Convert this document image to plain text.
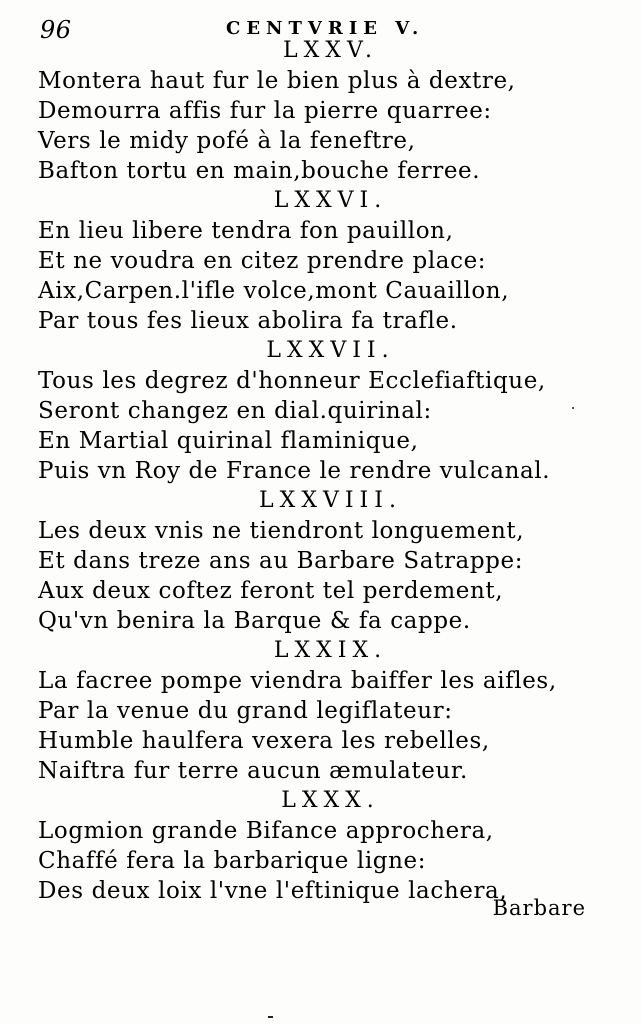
96	CENTVRIE V.
LXXV.
Montera haut fur le bien plus à dextre,
Demourra affis fur la pierre quarree:
Vers le midy pofé à la feneftre,
Bafton tortu en main,bouche ferree.
LXXVI.
En lieu libere tendra fon pauillon,
Et ne voudra en citez prendre place:
Aix,Carpen.l'ifle volce,mont Cauaillon,
Par tous fes lieux abolira fa trafle.
LXXVII.
Tous les degrez d'honneur Ecclefiaftique,
Seront changez en dial.quirinal:
En Martial quirinal flaminique,
Puis vn Roy de France le rendre vulcanal.
LXXVIII.
Les deux vnis ne tiendront longuement,
Et dans treze ans au Barbare Satrappe:
Aux deux coftez feront tel perdement,
Qu'vn benira la Barque & fa cappe.
LXXIX.
La facree pompe viendra baiffer les aifles,
Par la venue du grand legiflateur:
Humble haulfera vexera les rebelles,
Naiftra fur terre aucun æmulateur.
LXXX.
Logmion grande Bifance approchera,
Chaffé fera la barbarique ligne:
Des deux loix l'vne l'eftinique lachera,
Barbare
